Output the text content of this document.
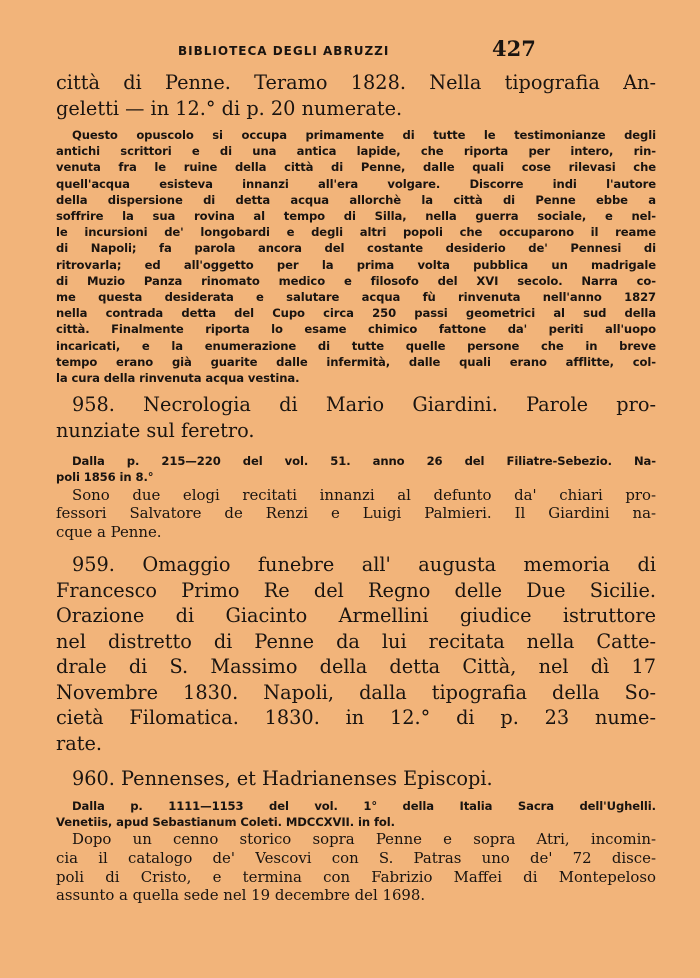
BIBLIOTECA DEGLI ABRUZZI	427
città di Penne. Teramo 1828. Nella tipografia An-
geletti — in 12.° di p. 20 numerate.
Questo opuscolo si occupa primamente di tutte le testimonianze degli
antichi scrittori e di una antica lapide, che riporta per intero, rin-
venuta fra le ruine della città di Penne, dalle quali cose rilevasi che
quell'acqua esisteva innanzi all'era volgare. Discorre indi l'autore
della dispersione di detta acqua allorchè la città di Penne ebbe a
soffrire la sua rovina al tempo di Silla, nella guerra sociale, e nel-
le incursioni de' longobardi e degli altri popoli che occuparono il reame
di Napoli; fa parola ancora del costante desiderio de' Pennesi di
ritrovarla; ed all'oggetto per la prima volta pubblica un madrigale
di Muzio Panza rinomato medico e filosofo del XVI secolo. Narra co-
me questa desiderata e salutare acqua fù rinvenuta nell'anno 1827
nella contrada detta del Cupo circa 250 passi geometrici al sud della
città. Finalmente riporta lo esame chimico fattone da' periti all'uopo
incaricati, e la enumerazione di tutte quelle persone che in breve
tempo erano già guarite dalle infermità, dalle quali erano afflitte, col-
la cura della rinvenuta acqua vestina.
958. Necrologia di Mario Giardini. Parole pro-
nunziate sul feretro.
Dalla p. 215—220 del vol. 51. anno 26 del Filiatre-Sebezio. Na-
poli 1856 in 8.°
Sono due elogi recitati innanzi al defunto da' chiari pro-
fessori Salvatore de Renzi e Luigi Palmieri. Il Giardini na-
cque a Penne.
959. Omaggio funebre all' augusta memoria di
Francesco Primo Re del Regno delle Due Sicilie.
Orazione di Giacinto Armellini giudice istruttore
nel distretto di Penne da lui recitata nella Catte-
drale di S. Massimo della detta Città, nel dì 17
Novembre 1830. Napoli, dalla tipografia della So-
cietà Filomatica. 1830. in 12.° di p. 23 nume-
rate.
960. Pennenses, et Hadrianenses Episcopi.
Dalla p. 1111—1153 del vol. 1° della Italia Sacra dell'Ughelli.
Venetiis, apud Sebastianum Coleti. MDCCXVII. in fol.
Dopo un cenno storico sopra Penne e sopra Atri, incomin-
cia il catalogo de' Vescovi con S. Patras uno de' 72 disce-
poli di Cristo, e termina con Fabrizio Maffei di Montepeloso
assunto a quella sede nel 19 decembre del 1698.
